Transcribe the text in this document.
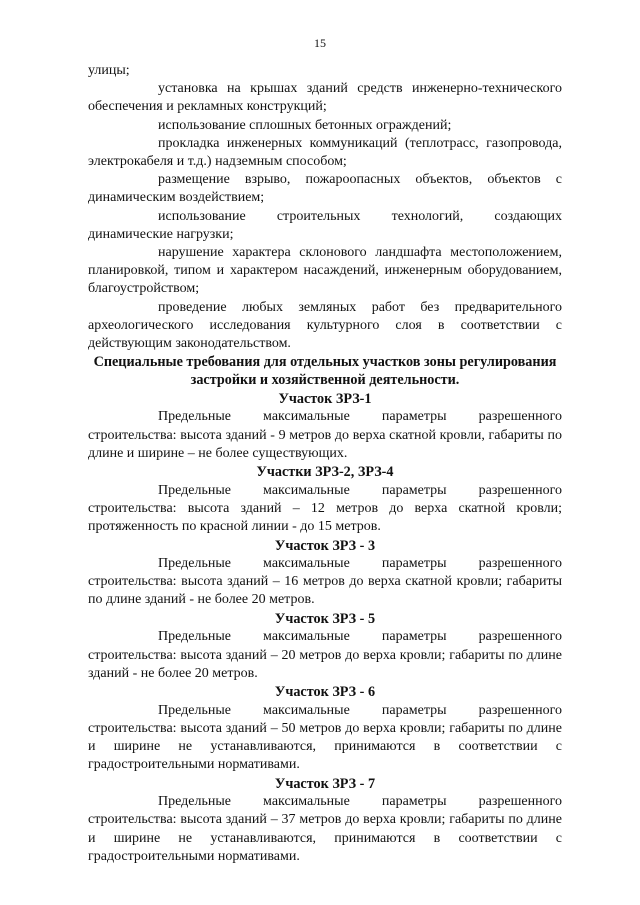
15

улицы;

установка на крышах зданий средств инженерно-технического обеспечения и рекламных конструкций;

использование сплошных бетонных ограждений;

прокладка инженерных коммуникаций (теплотрасс, газопровода, электрокабеля и т.д.) надземным способом;

размещение взрыво, пожароопасных объектов, объектов с динамическим воздействием;

использование строительных технологий, создающих динамические нагрузки;

нарушение характера склонового ландшафта местоположением, планировкой, типом и характером насаждений, инженерным оборудованием, благоустройством;

проведение любых земляных работ без предварительного археологического исследования культурного слоя в соответствии с действующим законодательством.

Специальные требования для отдельных участков зоны регулирования застройки и хозяйственной деятельности.

Участок ЗРЗ-1

Предельные максимальные параметры разрешенного строительства: высота зданий - 9 метров до верха скатной кровли, габариты по длине и ширине – не более существующих.

Участки ЗРЗ-2, ЗРЗ-4

Предельные максимальные параметры разрешенного строительства: высота зданий – 12 метров до верха скатной кровли; протяженность по красной линии - до 15 метров.

Участок ЗРЗ - 3

Предельные максимальные параметры разрешенного строительства: высота зданий – 16 метров до верха скатной кровли; габариты по длине зданий - не более 20 метров.

Участок ЗРЗ - 5

Предельные максимальные параметры разрешенного строительства: высота зданий – 20 метров до верха кровли; габариты по длине зданий - не более 20 метров.

Участок ЗРЗ - 6

Предельные максимальные параметры разрешенного строительства: высота зданий – 50 метров до верха кровли; габариты по длине и ширине не устанавливаются, принимаются в соответствии с градостроительными нормативами.

Участок ЗРЗ - 7

Предельные максимальные параметры разрешенного строительства: высота зданий – 37 метров до верха кровли; габариты по длине и ширине не устанавливаются, принимаются в соответствии с градостроительными нормативами.
